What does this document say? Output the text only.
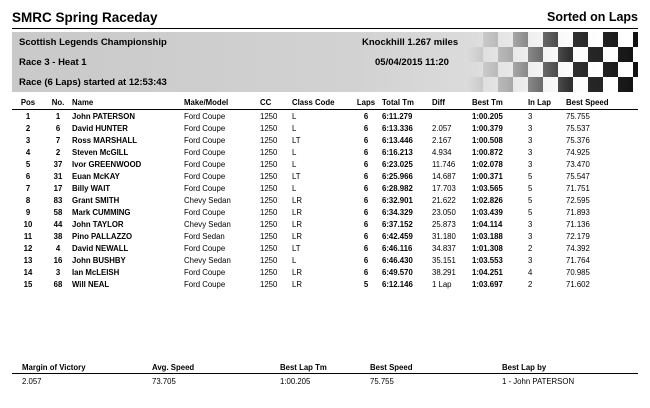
SMRC Spring Raceday	Sorted on Laps
Scottish Legends Championship	Knockhill 1.267 miles
Race 3 - Heat 1	05/04/2015 11:20
Race (6 Laps) started at 12:53:43
Pos	No.	Name	Make/Model	CC	Class Code	Laps	Total Tm	Diff	Best Tm	In Lap	Best Speed
1	1	John PATERSON	Ford Coupe	1250	L	6	6:11.279		1:00.205	3	75.755
2	6	David HUNTER	Ford Coupe	1250	L	6	6:13.336	2.057	1:00.379	3	75.537
3	7	Ross MARSHALL	Ford Coupe	1250	LT	6	6:13.446	2.167	1:00.508	3	75.376
4	2	Steven McGILL	Ford Coupe	1250	L	6	6:16.213	4.934	1:00.872	3	74.925
5	37	Ivor GREENWOOD	Ford Coupe	1250	L	6	6:23.025	11.746	1:02.078	3	73.470
6	31	Euan McKAY	Ford Coupe	1250	LT	6	6:25.966	14.687	1:00.371	5	75.547
7	17	Billy WAIT	Ford Coupe	1250	L	6	6:28.982	17.703	1:03.565	5	71.751
8	83	Grant SMITH	Chevy Sedan	1250	LR	6	6:32.901	21.622	1:02.826	5	72.595
9	58	Mark CUMMING	Ford Coupe	1250	LR	6	6:34.329	23.050	1:03.439	5	71.893
10	44	John TAYLOR	Chevy Sedan	1250	LR	6	6:37.152	25.873	1:04.114	3	71.136
11	38	Pino PALLAZZO	Ford Sedan	1250	LR	6	6:42.459	31.180	1:03.188	3	72.179
12	4	David NEWALL	Ford Coupe	1250	LT	6	6:46.116	34.837	1:01.308	2	74.392
13	16	John BUSHBY	Chevy Sedan	1250	L	6	6:46.430	35.151	1:03.553	3	71.764
14	3	Ian McLEISH	Ford Coupe	1250	LR	6	6:49.570	38.291	1:04.251	4	70.985
15	68	Will NEAL	Ford Coupe	1250	LR	5	6:12.146	1 Lap	1:03.697	2	71.602
Margin of Victory	Avg. Speed	Best Lap Tm	Best Speed	Best Lap by
2.057	73.705	1:00.205	75.755	1 - John PATERSON
